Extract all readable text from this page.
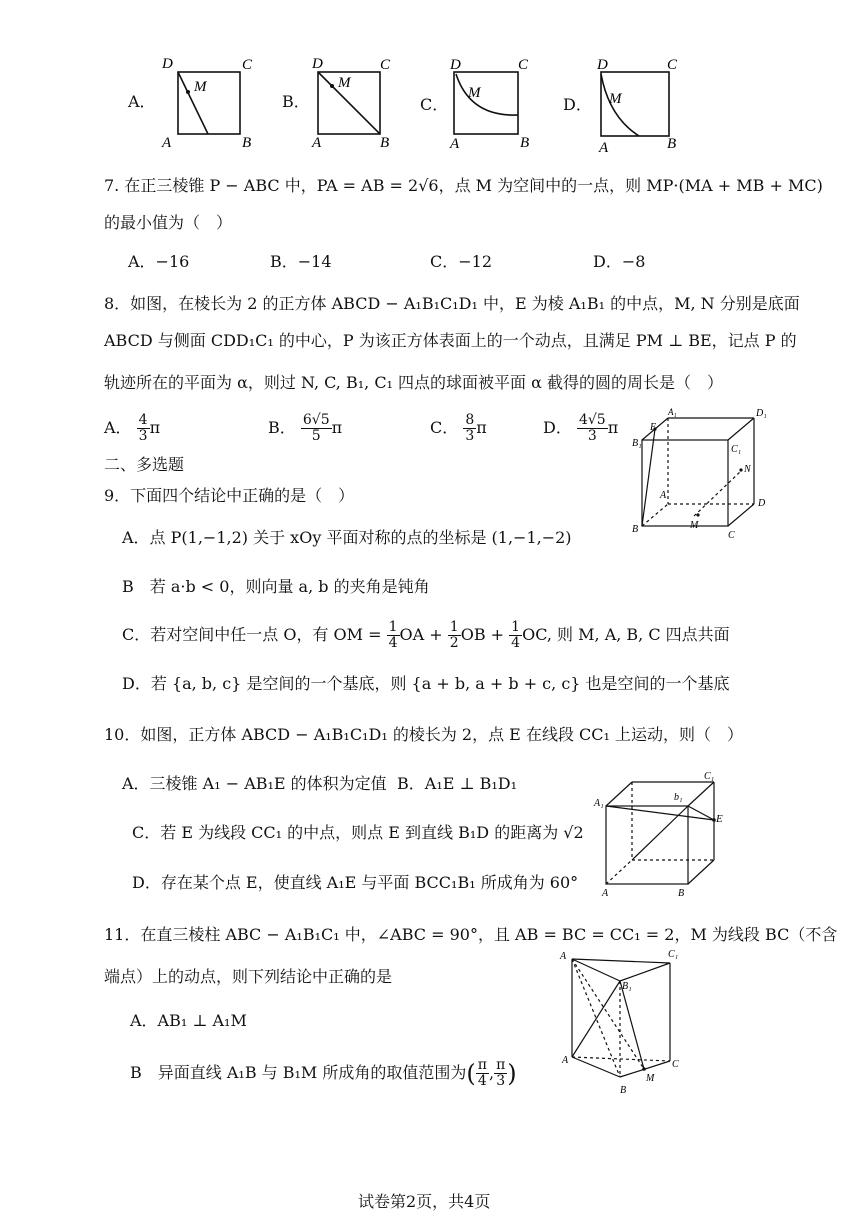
A．
D	C
A	B
M
B．
D	C
A	B
M
C．
D	C
A	B
M
D．
D	C
A	B
M
7. 在正三棱锥 P − ABC 中，PA = AB = 2√6，点 M 为空间中的一点，则 MP·(MA + MB + MC)
的最小值为（　）
A．−16	B．−14	C．−12	D．−8
8．如图，在棱长为 2 的正方体 ABCD − A₁B₁C₁D₁ 中，E 为棱 A₁B₁ 的中点，M, N 分别是底面
ABCD 与侧面 CDD₁C₁ 的中心，P 为该正方体表面上的一个动点，且满足 PM ⊥ BE，记点 P 的
轨迹所在的平面为 α，则过 N, C, B₁, C₁ 四点的球面被平面 α 截得的圆的周长是（　）
A． $\frac{4}{3}$ π	B． $\frac{6√5}{5}$ π	C． $\frac{8}{3}$ π	D． $\frac{4√5}{3}$ π
A₁	D₁
E
B₁
C₁
N
A
D
M
B
C
二、多选题
9．下面四个结论中正确的是（　）
A．点 P(1,−1,2) 关于 xOy 平面对称的点的坐标是 (1,−1,−2)
B　若 a·b < 0，则向量 a, b 的夹角是钝角
C．若对空间中任一点 O，有 OM = $\frac{1}{4}$ OA + $\frac{1}{2}$ OB + $\frac{1}{4}$ OC, 则 M, A, B, C 四点共面
D．若 {a, b, c} 是空间的一个基底，则 {a + b, a + b + c, c} 也是空间的一个基底
10．如图，正方体 ABCD − A₁B₁C₁D₁ 的棱长为 2，点 E 在线段 CC₁ 上运动，则（　）
A．三棱锥 A₁ − AB₁E 的体积为定值 B．A₁E ⊥ B₁D₁
C．若 E 为线段 CC₁ 的中点，则点 E 到直线 B₁D 的距离为 √2
D．存在某个点 E，使直线 A₁E 与平面 BCC₁B₁ 所成角为 60°
C₁
A₁
b₁
E
A	B
11．在直三棱柱 ABC − A₁B₁C₁ 中，∠ABC = 90°，且 AB = BC = CC₁ = 2，M 为线段 BC（不含
端点）上的动点，则下列结论中正确的是
A．AB₁ ⊥ A₁M
B　异面直线 A₁B 与 B₁M 所成角的取值范围为( $\frac{\pi}{4}$ , $\frac{\pi}{3}$ )
A	C₁
B₁
A	C
M
B
试卷第2页，共4页
